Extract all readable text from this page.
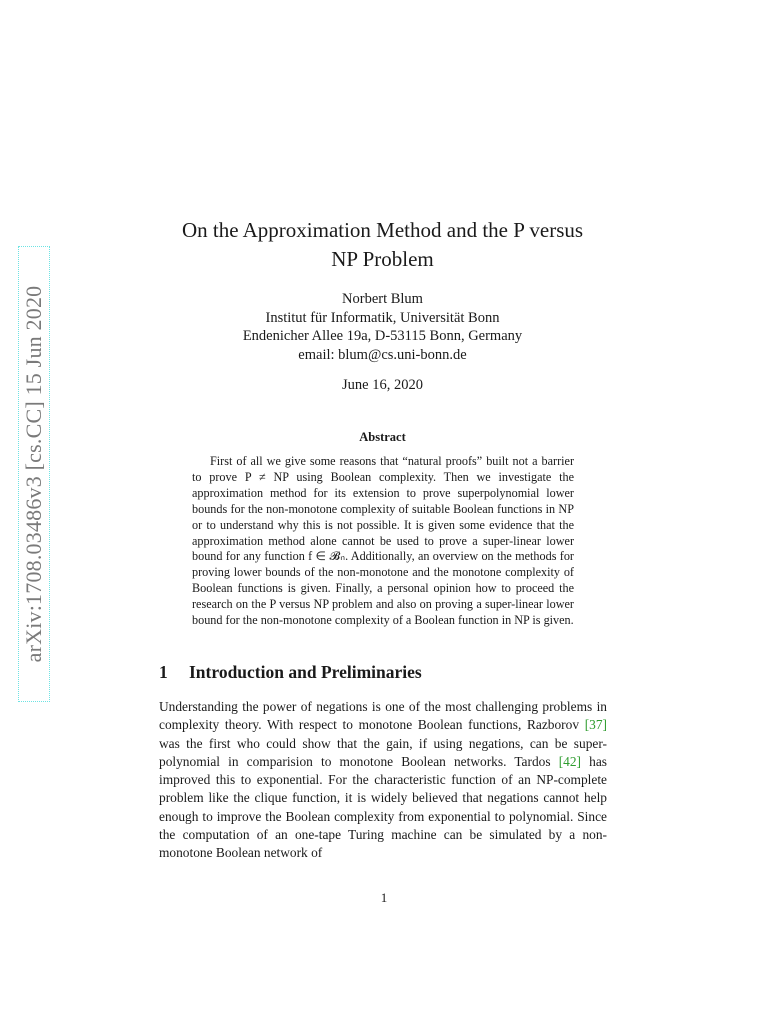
arXiv:1708.03486v3 [cs.CC] 15 Jun 2020
On the Approximation Method and the P versus
NP Problem
Norbert Blum
Institut für Informatik, Universität Bonn
Endenicher Allee 19a, D-53115 Bonn, Germany
email: blum@cs.uni-bonn.de
June 16, 2020
Abstract

First of all we give some reasons that “natural proofs” built not a barrier to prove P ≠ NP using Boolean complexity. Then we investigate the approximation method for its extension to prove superpolynomial lower bounds for the non-monotone complexity of suitable Boolean functions in NP or to understand why this is not possible. It is given some evidence that the approximation method alone cannot be used to prove a super-linear lower bound for any function f ∈ 𝓑ₙ. Additionally, an overview on the methods for proving lower bounds of the non-monotone and the monotone complexity of Boolean functions is given. Finally, a personal opinion how to proceed the research on the P versus NP problem and also on proving a super-linear lower bound for the non-monotone complexity of a Boolean function in NP is given.

1 Introduction and Preliminaries

Understanding the power of negations is one of the most challenging problems in complexity theory. With respect to monotone Boolean functions, Razborov [37] was the first who could show that the gain, if using negations, can be super-polynomial in comparision to monotone Boolean networks. Tardos [42] has improved this to exponential. For the characteristic function of an NP-complete problem like the clique function, it is widely believed that negations cannot help enough to improve the Boolean complexity from exponential to polynomial. Since the computation of an one-tape Turing machine can be simulated by a non-monotone Boolean network of

1
